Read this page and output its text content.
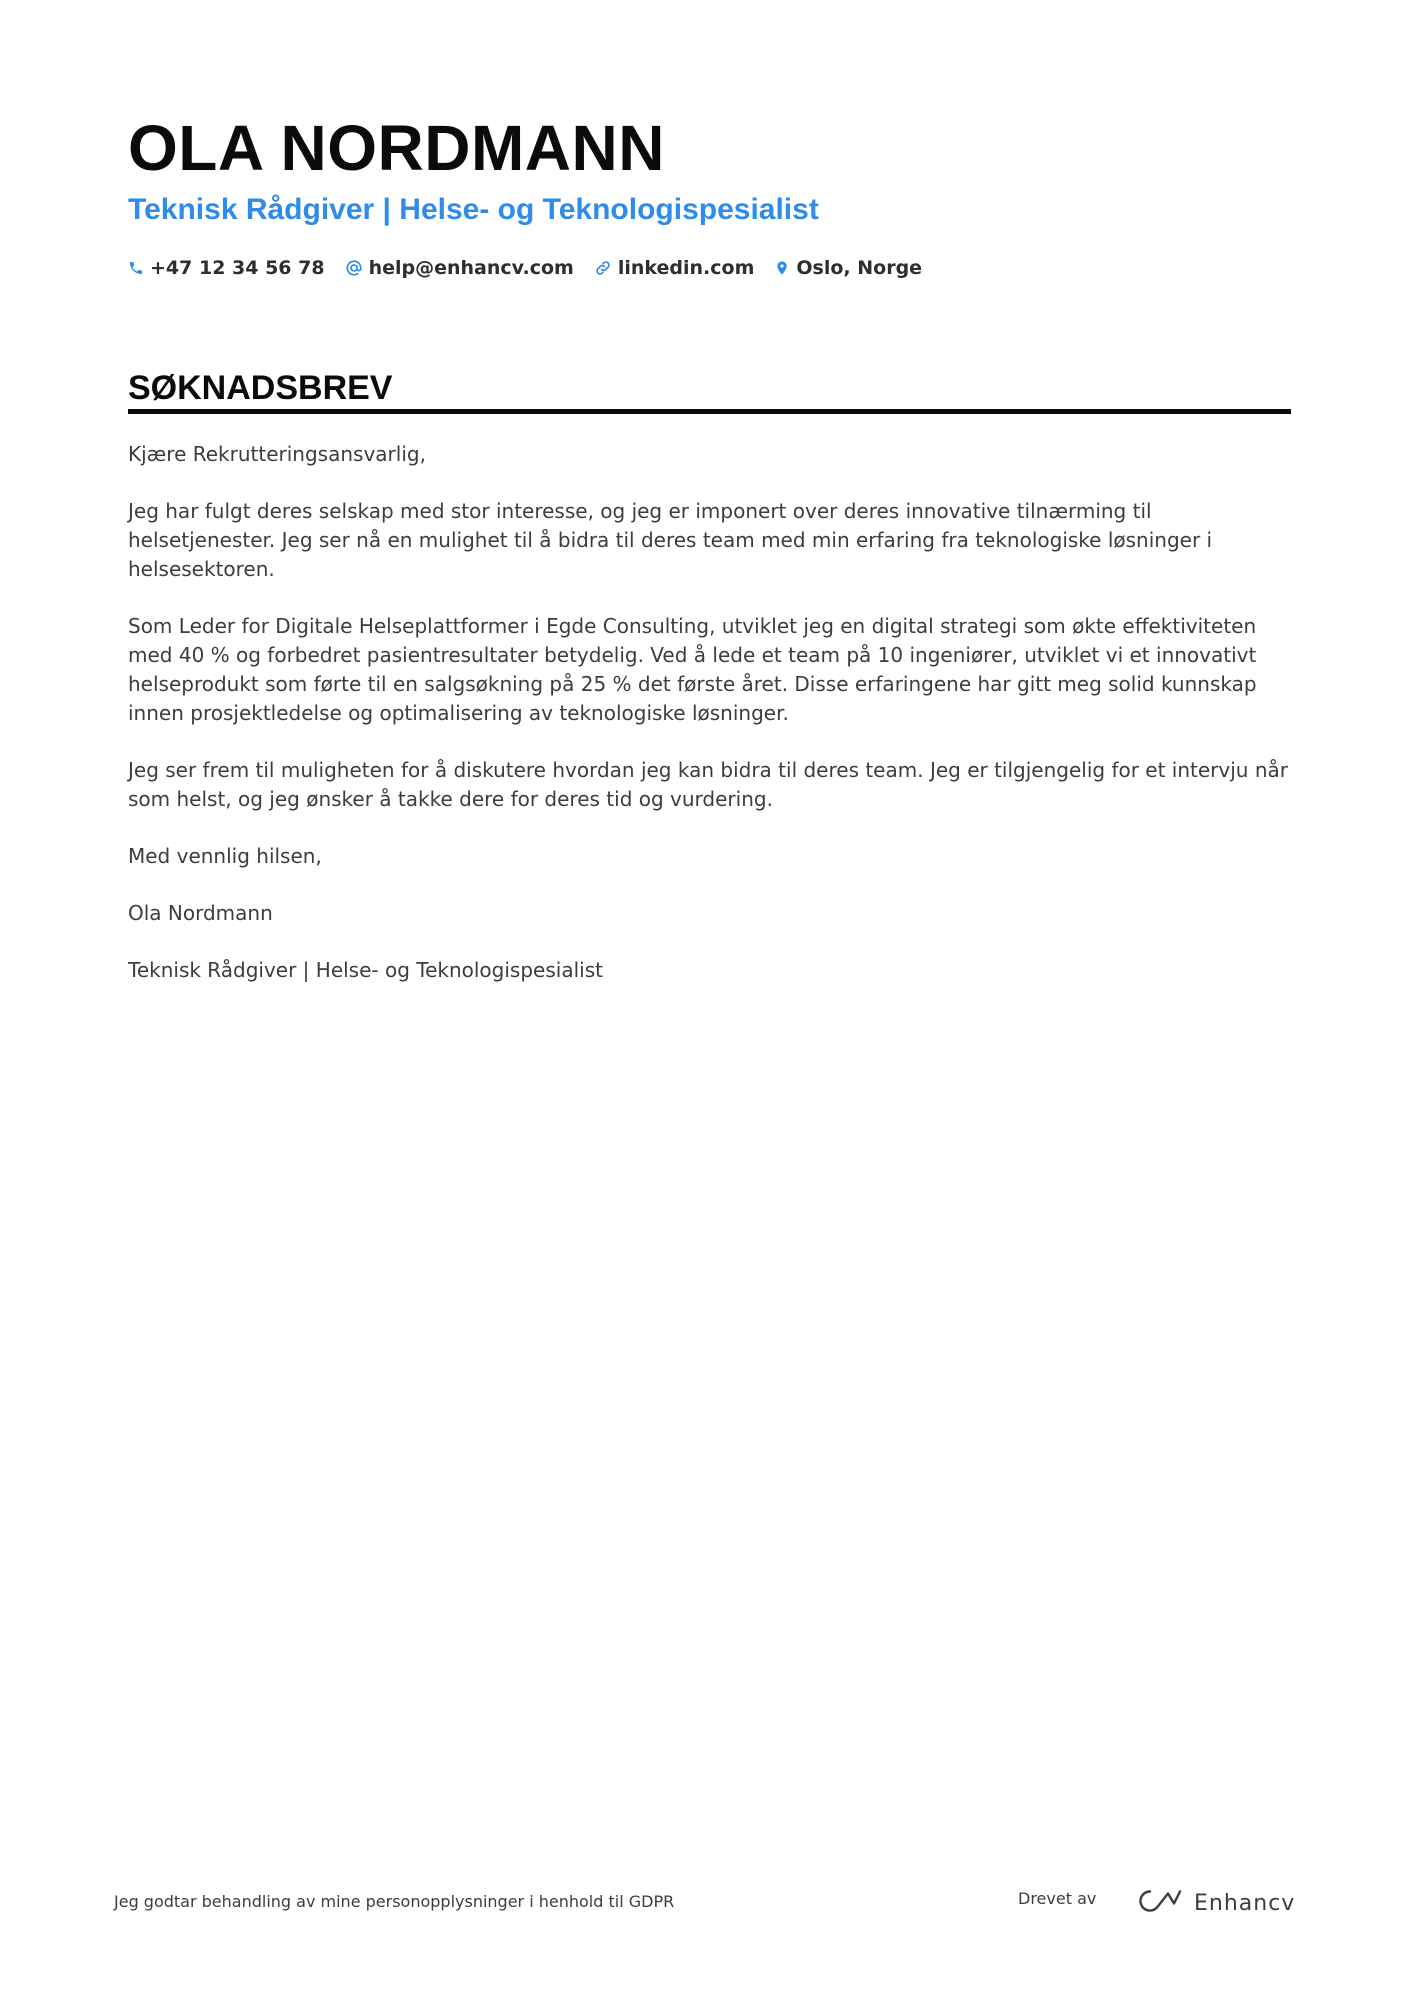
OLA NORDMANN
Teknisk Rådgiver | Helse- og Teknologispesialist
+47 12 34 56 78 help@enhancv.com linkedin.com Oslo, Norge
SØKNADSBREV

Kjære Rekrutteringsansvarlig,

Jeg har fulgt deres selskap med stor interesse, og jeg er imponert over deres innovative tilnærming til helsetjenester. Jeg ser nå en mulighet til å bidra til deres team med min erfaring fra teknologiske løsninger i helsesektoren.

Som Leder for Digitale Helseplattformer i Egde Consulting, utviklet jeg en digital strategi som økte effektiviteten med 40 % og forbedret pasientresultater betydelig. Ved å lede et team på 10 ingeniører, utviklet vi et innovativt helseprodukt som førte til en salgsøkning på 25 % det første året. Disse erfaringene har gitt meg solid kunnskap innen prosjektledelse og optimalisering av teknologiske løsninger.

Jeg ser frem til muligheten for å diskutere hvordan jeg kan bidra til deres team. Jeg er tilgjengelig for et intervju når som helst, og jeg ønsker å takke dere for deres tid og vurdering.

Med vennlig hilsen,

Ola Nordmann

Teknisk Rådgiver | Helse- og Teknologispesialist

Jeg godtar behandling av mine personopplysninger i henhold til GDPR	Drevet av	Enhancv
